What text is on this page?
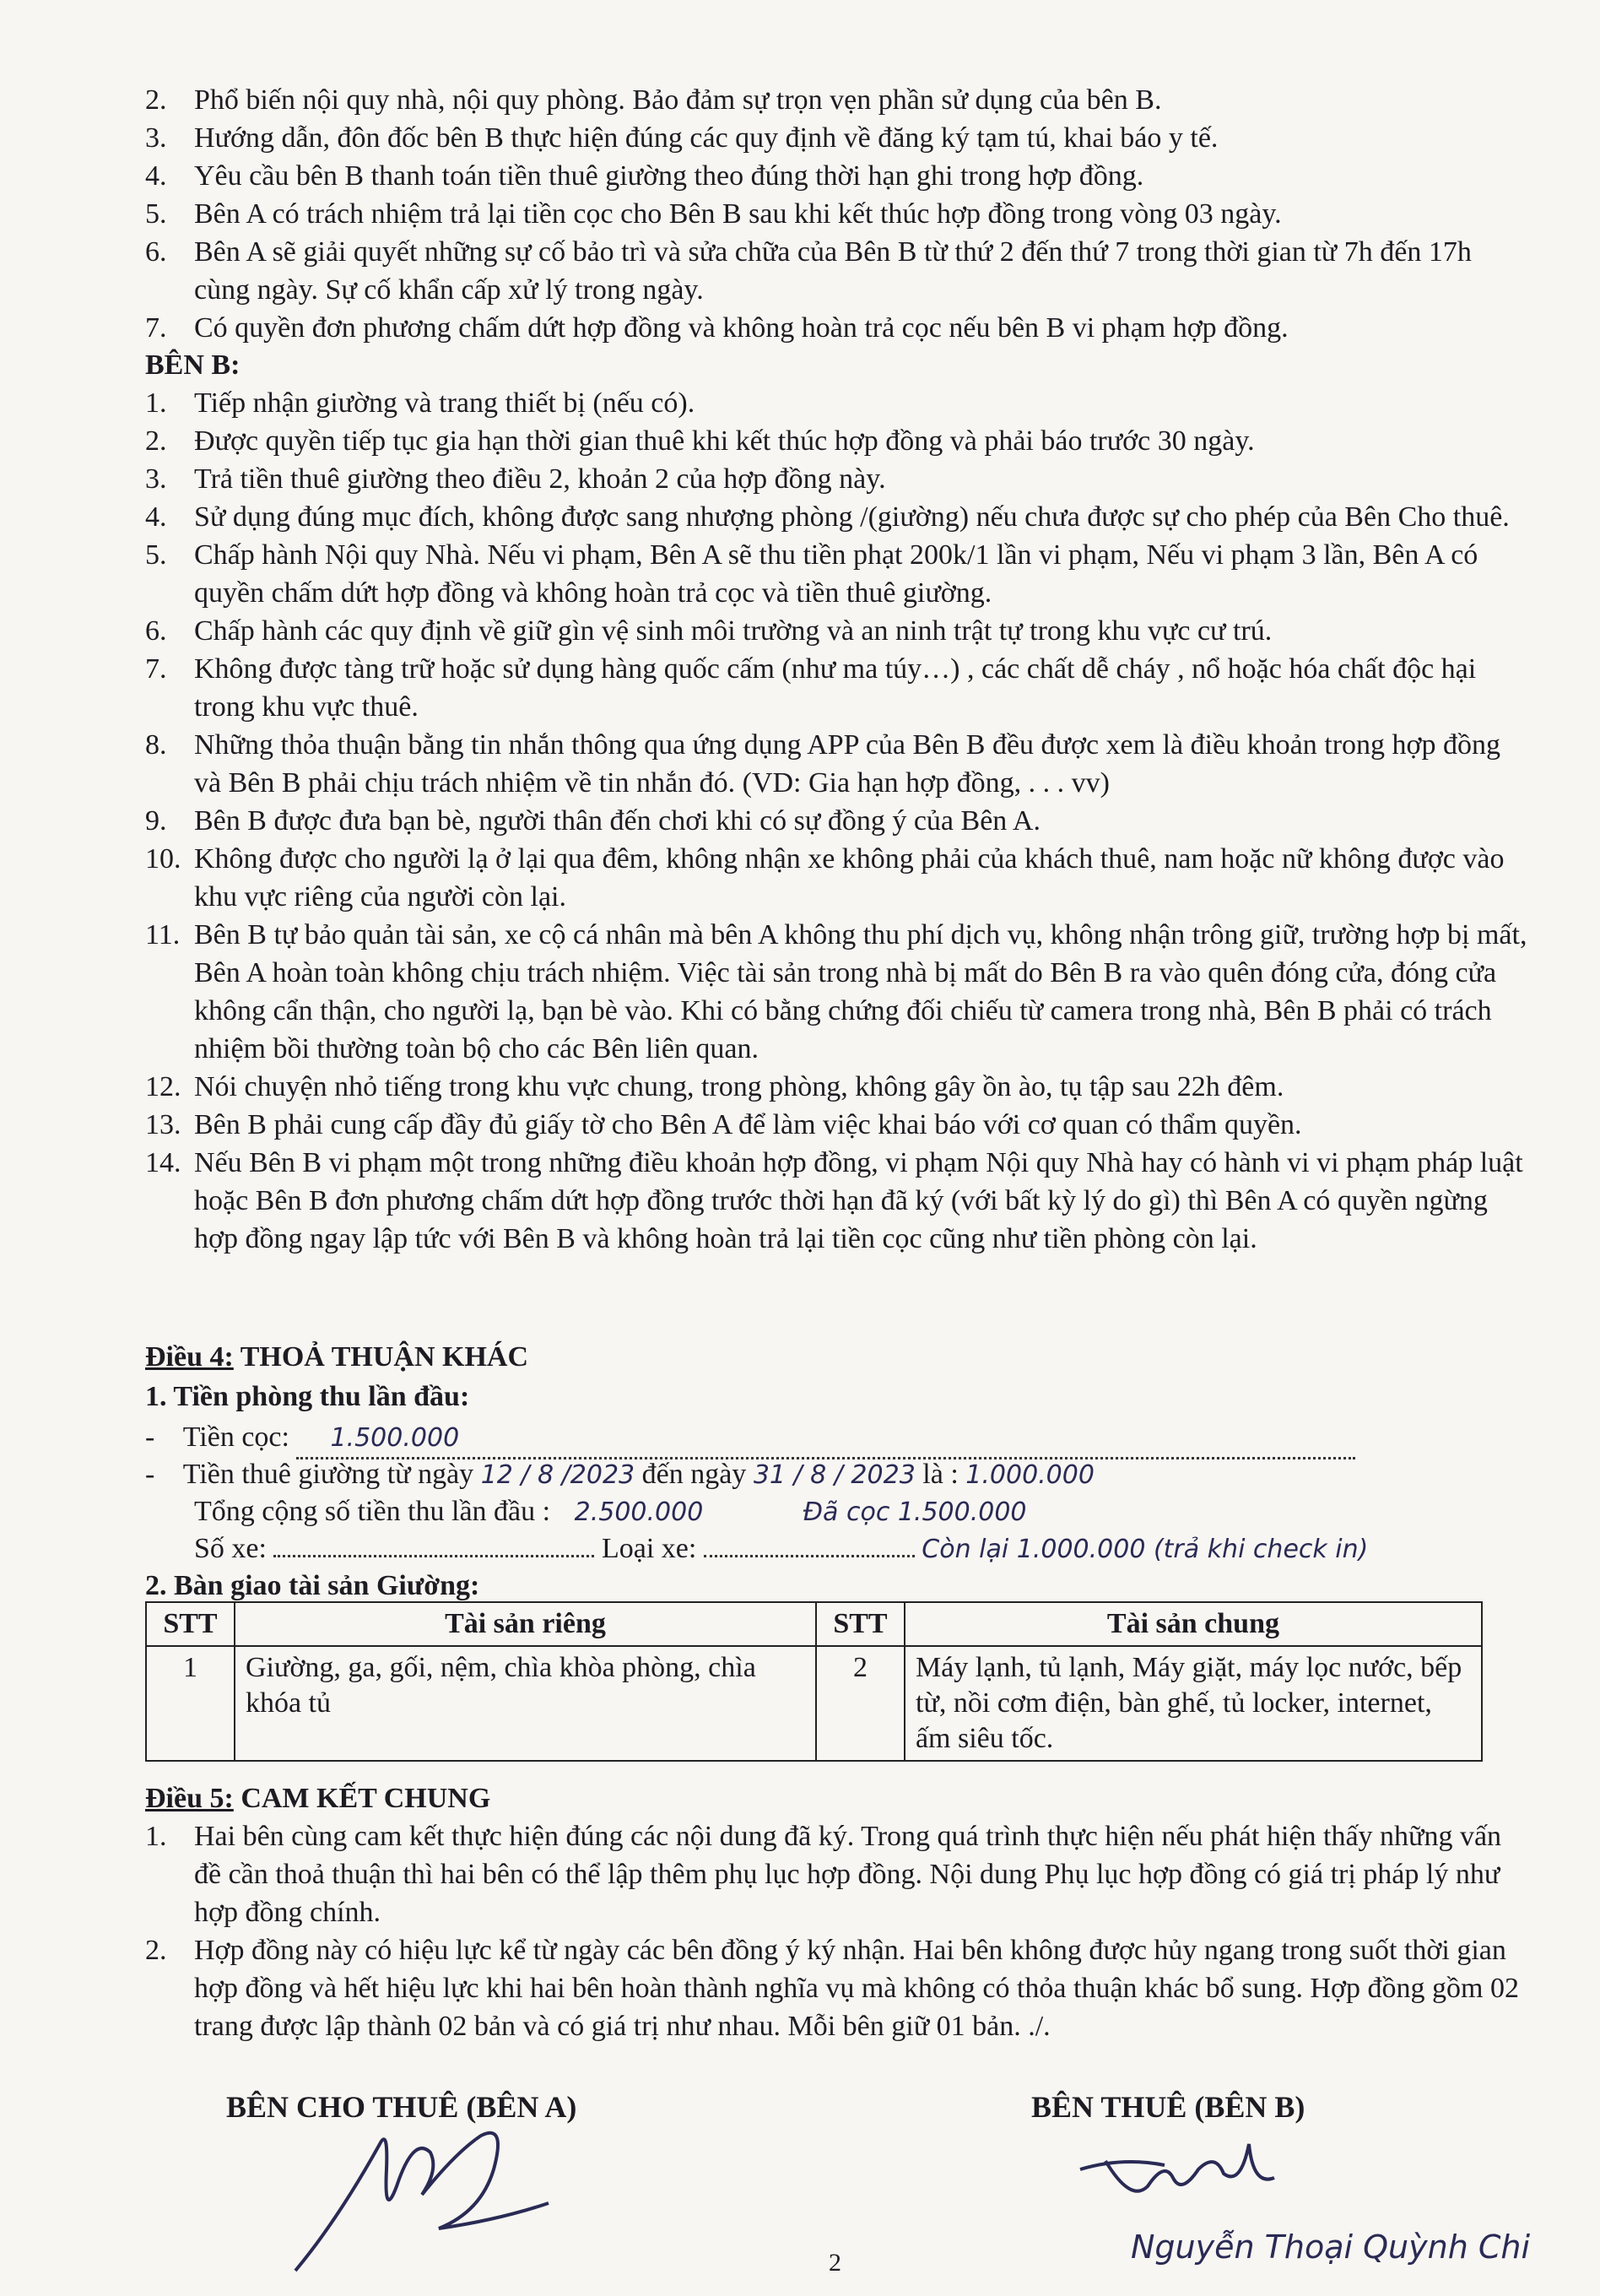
2. Phổ biến nội quy nhà, nội quy phòng. Bảo đảm sự trọn vẹn phần sử dụng của bên B.
3. Hướng dẫn, đôn đốc bên B thực hiện đúng các quy định về đăng ký tạm tú, khai báo y tế.
4. Yêu cầu bên B thanh toán tiền thuê giường theo đúng thời hạn ghi trong hợp đồng.
5. Bên A có trách nhiệm trả lại tiền cọc cho Bên B sau khi kết thúc hợp đồng trong vòng 03 ngày.
6. Bên A sẽ giải quyết những sự cố bảo trì và sửa chữa của Bên B từ thứ 2 đến thứ 7 trong thời gian từ 7h đến 17h cùng ngày. Sự cố khẩn cấp xử lý trong ngày.
7. Có quyền đơn phương chấm dứt hợp đồng và không hoàn trả cọc nếu bên B vi phạm hợp đồng.
BÊN B:
1. Tiếp nhận giường và trang thiết bị (nếu có).
2. Được quyền tiếp tục gia hạn thời gian thuê khi kết thúc hợp đồng và phải báo trước 30 ngày.
3. Trả tiền thuê giường theo điều 2, khoản 2 của hợp đồng này.
4. Sử dụng đúng mục đích, không được sang nhượng phòng /(giường) nếu chưa được sự cho phép của Bên Cho thuê.
5. Chấp hành Nội quy Nhà. Nếu vi phạm, Bên A sẽ thu tiền phạt 200k/1 lần vi phạm, Nếu vi phạm 3 lần, Bên A có quyền chấm dứt hợp đồng và không hoàn trả cọc và tiền thuê giường.
6. Chấp hành các quy định về giữ gìn vệ sinh môi trường và an ninh trật tự trong khu vực cư trú.
7. Không được tàng trữ hoặc sử dụng hàng quốc cấm (như ma túy…) , các chất dễ cháy , nổ hoặc hóa chất độc hại trong khu vực thuê.
8. Những thỏa thuận bằng tin nhắn thông qua ứng dụng APP của Bên B đều được xem là điều khoản trong hợp đồng và Bên B phải chịu trách nhiệm về tin nhắn đó. (VD: Gia hạn hợp đồng, . . . vv)
9. Bên B được đưa bạn bè, người thân đến chơi khi có sự đồng ý của Bên A.
10. Không được cho người lạ ở lại qua đêm, không nhận xe không phải của khách thuê, nam hoặc nữ không được vào khu vực riêng của người còn lại.
11. Bên B tự bảo quản tài sản, xe cộ cá nhân mà bên A không thu phí dịch vụ, không nhận trông giữ, trường hợp bị mất, Bên A hoàn toàn không chịu trách nhiệm. Việc tài sản trong nhà bị mất do Bên B ra vào quên đóng cửa, đóng cửa không cẩn thận, cho người lạ, bạn bè vào. Khi có bằng chứng đối chiếu từ camera trong nhà, Bên B phải có trách nhiệm bồi thường toàn bộ cho các Bên liên quan.
12. Nói chuyện nhỏ tiếng trong khu vực chung, trong phòng, không gây ồn ào, tụ tập sau 22h đêm.
13. Bên B phải cung cấp đầy đủ giấy tờ cho Bên A để làm việc khai báo với cơ quan có thẩm quyền.
14. Nếu Bên B vi phạm một trong những điều khoản hợp đồng, vi phạm Nội quy Nhà hay có hành vi vi phạm pháp luật hoặc Bên B đơn phương chấm dứt hợp đồng trước thời hạn đã ký (với bất kỳ lý do gì) thì Bên A có quyền ngừng hợp đồng ngay lập tức với Bên B và không hoàn trả lại tiền cọc cũng như tiền phòng còn lại.
Điều 4: THOẢ THUẬN KHÁC
1. Tiền phòng thu lần đầu:
-    Tiền cọc: 1.500.000
-    Tiền thuê giường từ ngày 12 / 8 /2023 đến ngày 31 / 8 / 2023 là : 1.000.000
Tổng cộng số tiền thu lần đầu : 2.500.000	Đã cọc 1.500.000
Số xe:	Loại xe:	Còn lại 1.000.000 (trả khi check in)
2. Bàn giao tài sản Giường:
STT	Tài sản riêng	STT	Tài sản chung
1	Giường, ga, gối, nệm, chìa khòa phòng, chìa khóa tủ	2	Máy lạnh, tủ lạnh, Máy giặt, máy lọc nước, bếp từ, nồi cơm điện, bàn ghế, tủ locker, internet, ấm siêu tốc.
Điều 5: CAM KẾT CHUNG
1. Hai bên cùng cam kết thực hiện đúng các nội dung đã ký. Trong quá trình thực hiện nếu phát hiện thấy những vấn đề cần thoả thuận thì hai bên có thể lập thêm phụ lục hợp đồng. Nội dung Phụ lục hợp đồng có giá trị pháp lý như hợp đồng chính.
2. Hợp đồng này có hiệu lực kể từ ngày các bên đồng ý ký nhận. Hai bên không được hủy ngang trong suốt thời gian hợp đồng và hết hiệu lực khi hai bên hoàn thành nghĩa vụ mà không có thỏa thuận khác bổ sung. Hợp đồng gồm 02 trang được lập thành 02 bản và có giá trị như nhau. Mỗi bên giữ 01 bản. ./.
BÊN CHO THUÊ (BÊN A)	BÊN THUÊ (BÊN B)
Nguyễn Thoại Quỳnh Chi
2
